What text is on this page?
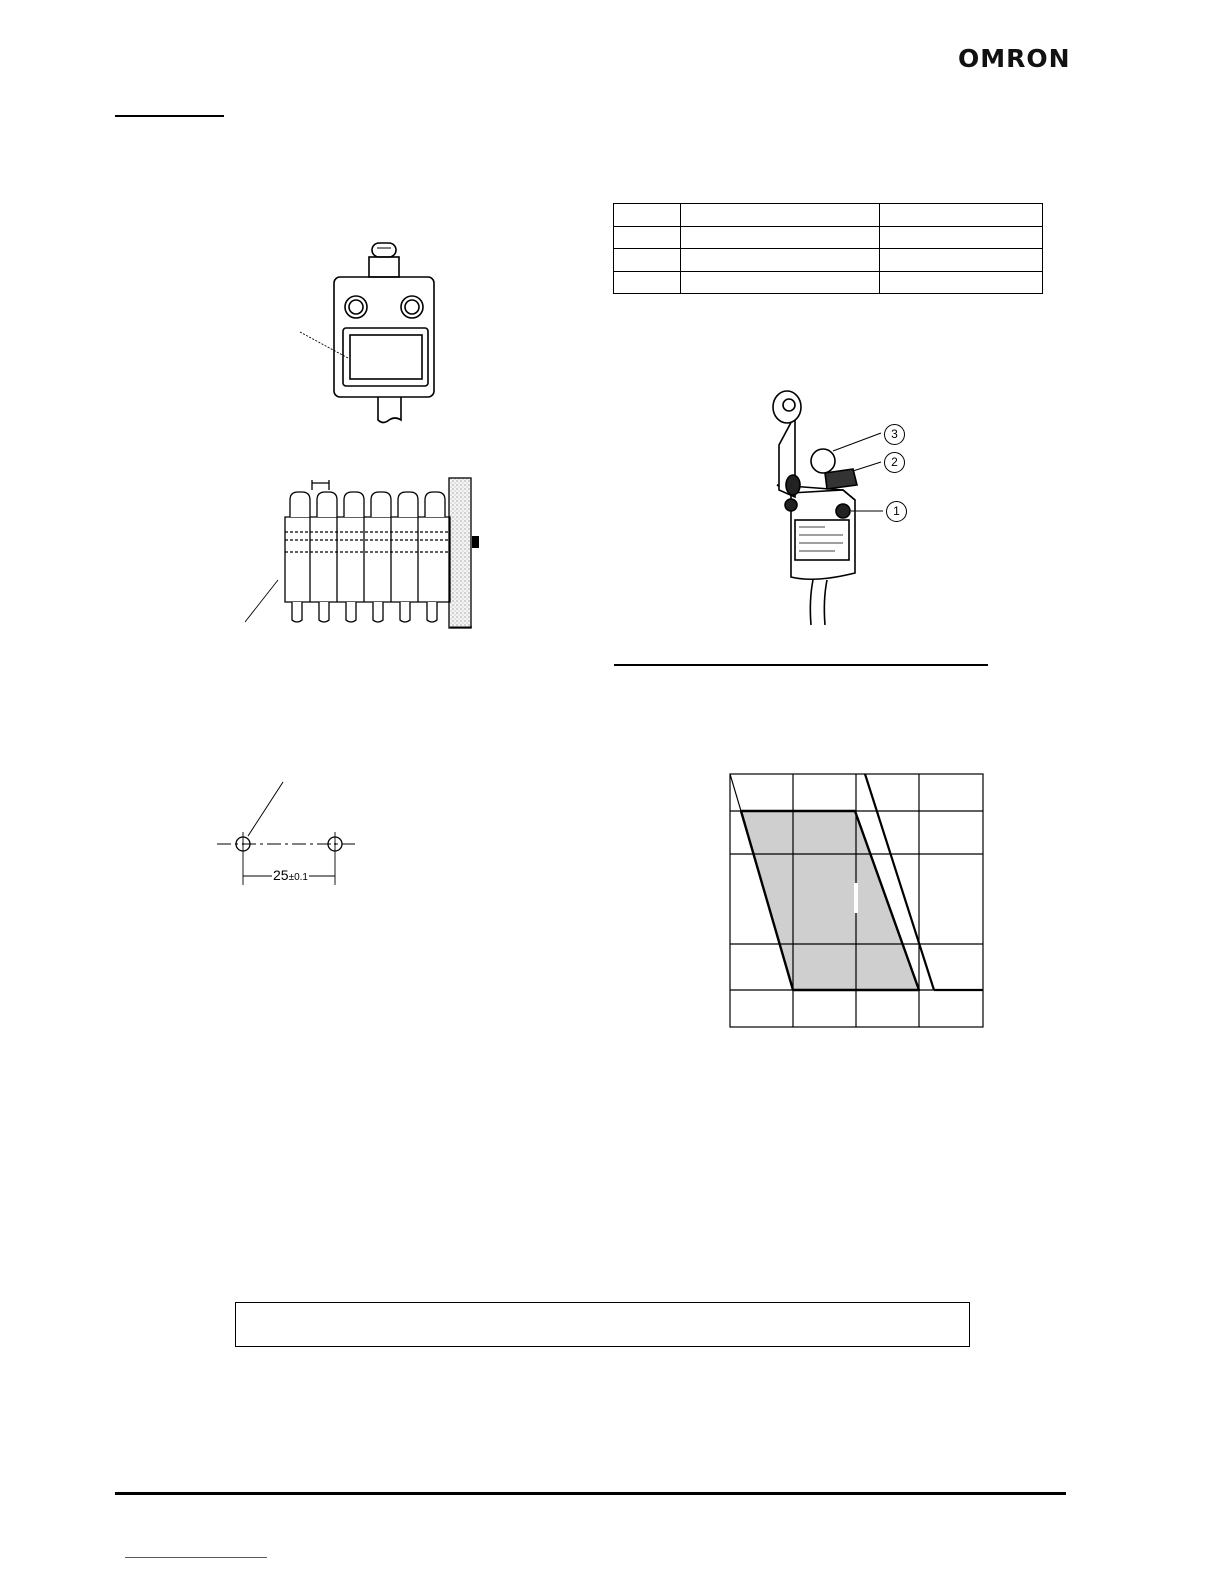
OMRON

25±0.1
3
2
1
